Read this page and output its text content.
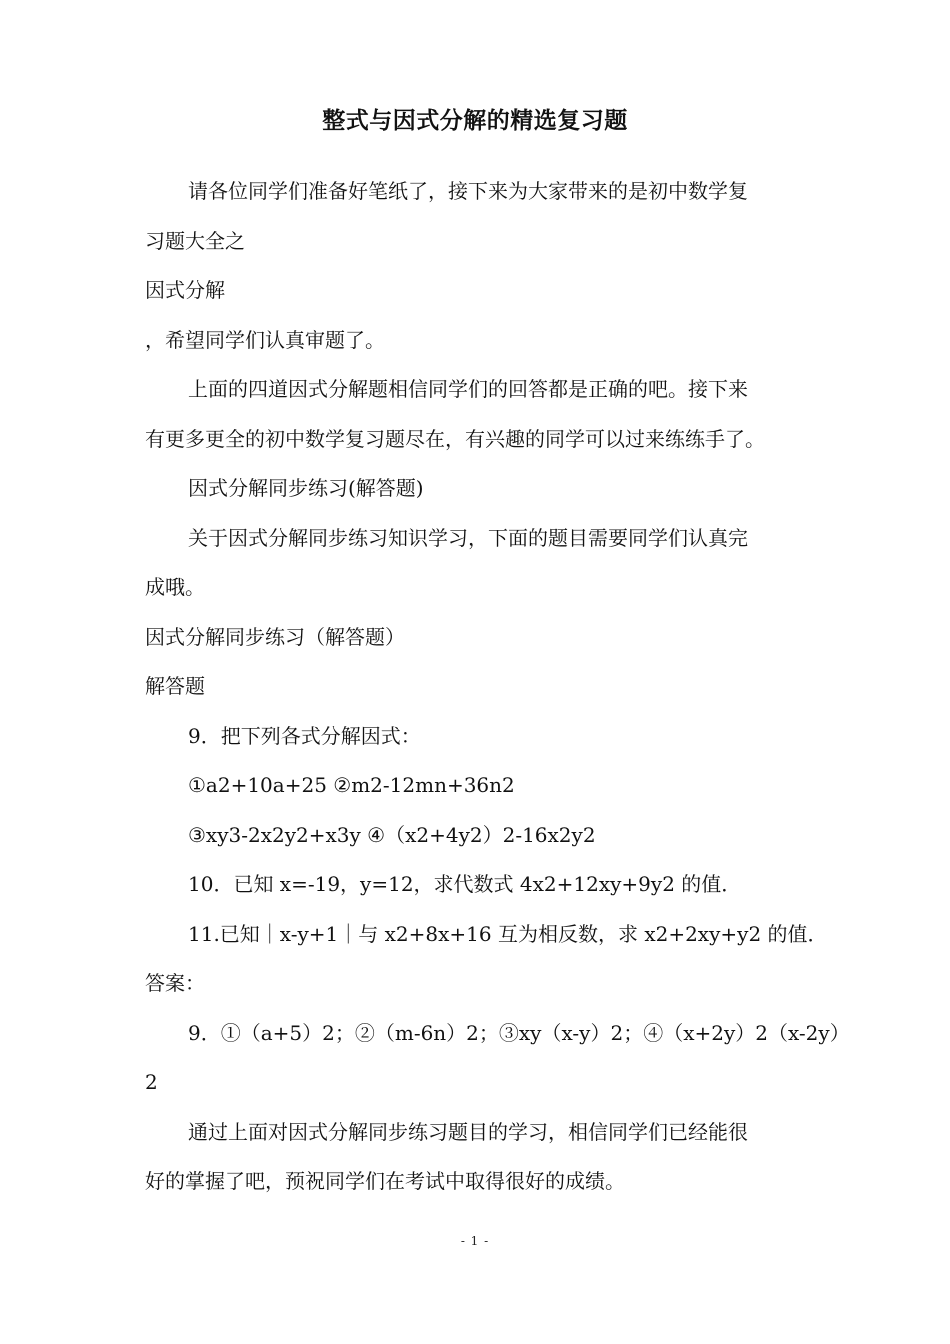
整式与因式分解的精选复习题
请各位同学们准备好笔纸了，接下来为大家带来的是初中数学复
习题大全之
因式分解
，希望同学们认真审题了。
上面的四道因式分解题相信同学们的回答都是正确的吧。接下来
有更多更全的初中数学复习题尽在，有兴趣的同学可以过来练练手了。
因式分解同步练习(解答题)
关于因式分解同步练习知识学习，下面的题目需要同学们认真完
成哦。
因式分解同步练习（解答题）
解答题
9．把下列各式分解因式：
①a2+10a+25 ②m2-12mn+36n2
③xy3-2x2y2+x3y ④（x2+4y2）2-16x2y2
10．已知 x=-19，y=12，求代数式 4x2+12xy+9y2 的值．
11.已知｜x-y+1｜与 x2+8x+16 互为相反数，求 x2+2xy+y2 的值．
答案：
9．①（a+5）2；②（m-6n）2；③xy（x-y）2；④（x+2y）2（x-2y）
2
通过上面对因式分解同步练习题目的学习，相信同学们已经能很
好的掌握了吧，预祝同学们在考试中取得很好的成绩。
- 1 -
